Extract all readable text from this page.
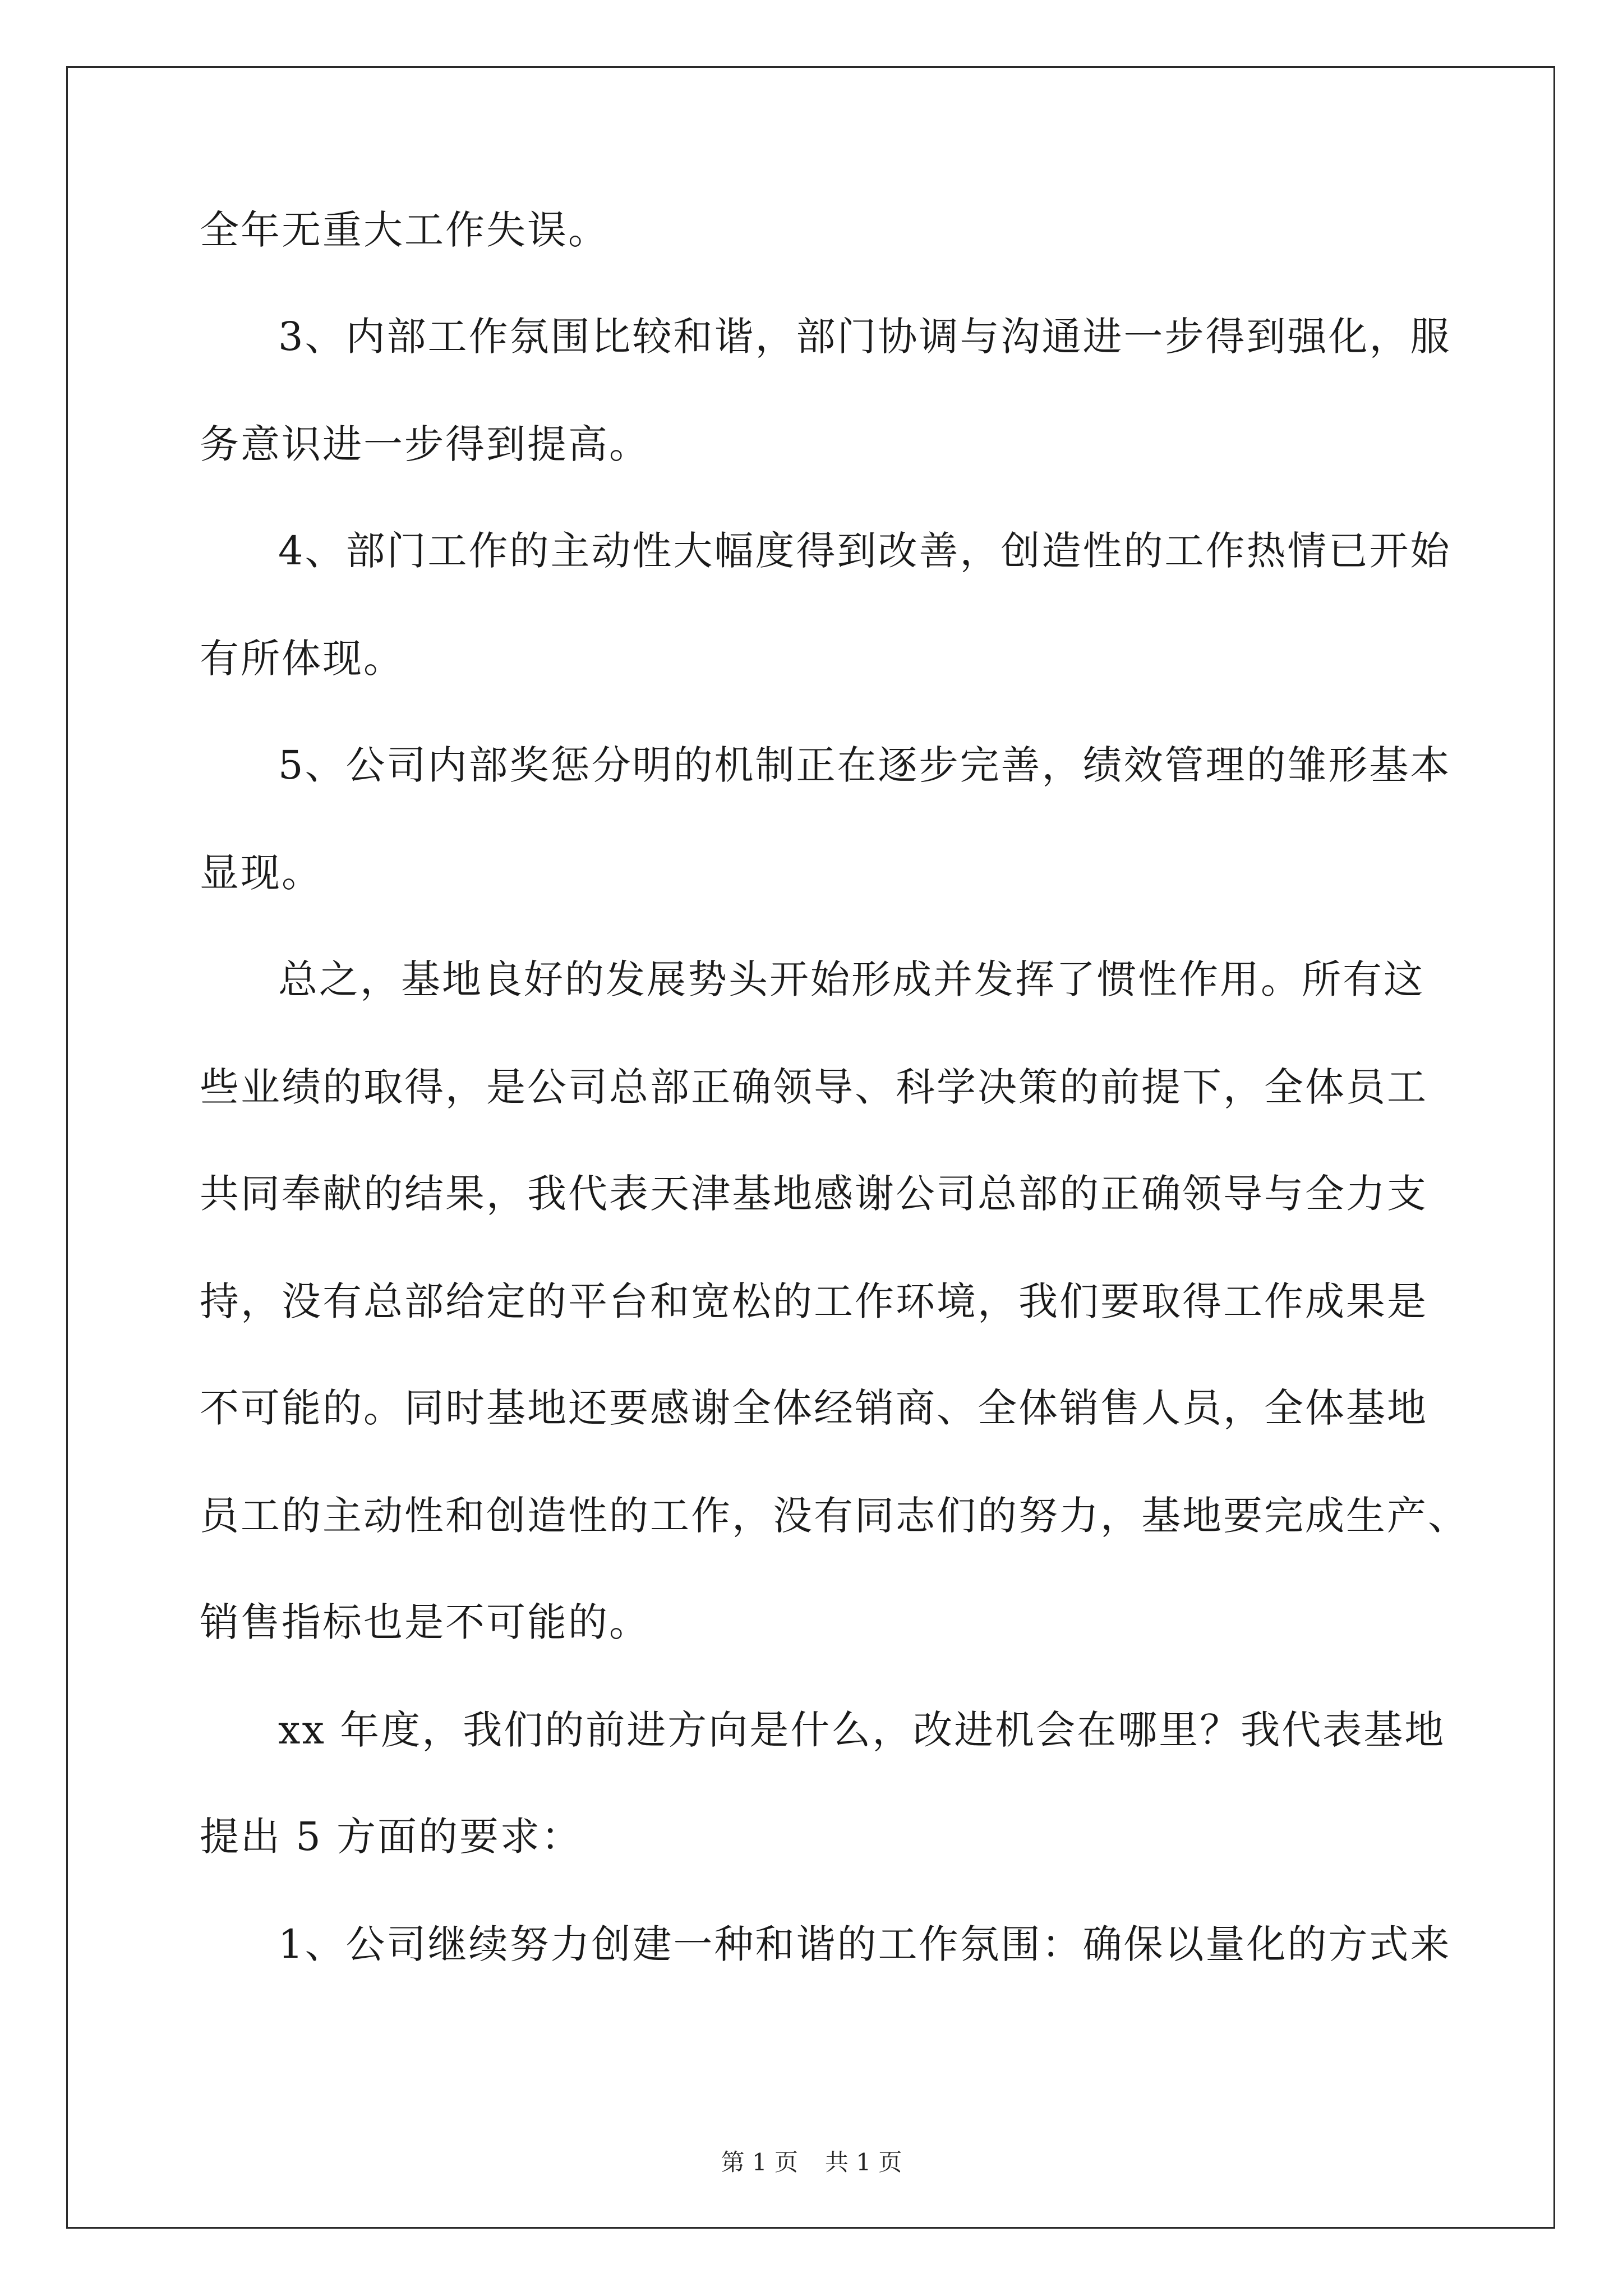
全年无重大工作失误。
3、内部工作氛围比较和谐，部门协调与沟通进一步得到强化，服
务意识进一步得到提高。
4、部门工作的主动性大幅度得到改善，创造性的工作热情已开始
有所体现。
5、公司内部奖惩分明的机制正在逐步完善，绩效管理的雏形基本
显现。
总之，基地良好的发展势头开始形成并发挥了惯性作用。所有这
些业绩的取得，是公司总部正确领导、科学决策的前提下，全体员工
共同奉献的结果，我代表天津基地感谢公司总部的正确领导与全力支
持，没有总部给定的平台和宽松的工作环境，我们要取得工作成果是
不可能的。同时基地还要感谢全体经销商、全体销售人员，全体基地
员工的主动性和创造性的工作，没有同志们的努力，基地要完成生产、
销售指标也是不可能的。
xx 年度，我们的前进方向是什么，改进机会在哪里？我代表基地
提出 5 方面的要求：
1、公司继续努力创建一种和谐的工作氛围：确保以量化的方式来
第 1 页 共 1 页
